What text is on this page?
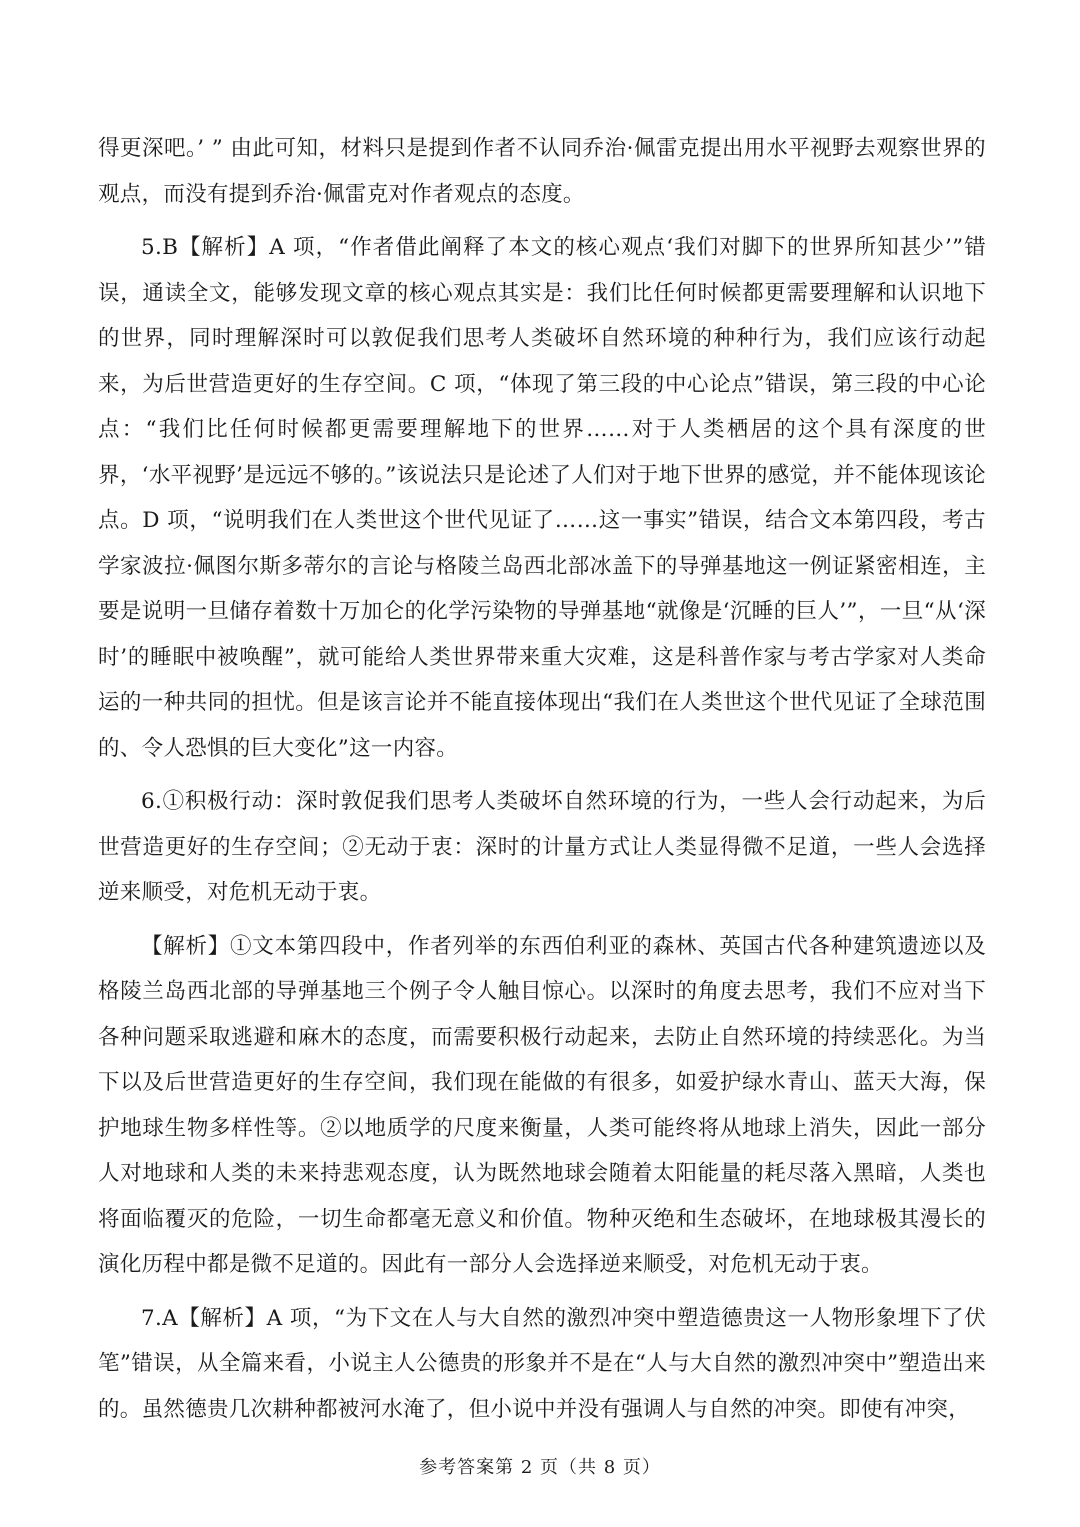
得更深吧。’ ” 由此可知，材料只是提到作者不认同乔治·佩雷克提出用水平视野去观察世界的观点，而没有提到乔治·佩雷克对作者观点的态度。

5.B【解析】A 项，“作者借此阐释了本文的核心观点‘我们对脚下的世界所知甚少’”错误，通读全文，能够发现文章的核心观点其实是：我们比任何时候都更需要理解和认识地下的世界，同时理解深时可以敦促我们思考人类破坏自然环境的种种行为，我们应该行动起来，为后世营造更好的生存空间。C 项，“体现了第三段的中心论点”错误，第三段的中心论点：“我们比任何时候都更需要理解地下的世界……对于人类栖居的这个具有深度的世界，‘水平视野’是远远不够的。”该说法只是论述了人们对于地下世界的感觉，并不能体现该论点。D 项，“说明我们在人类世这个世代见证了……这一事实”错误，结合文本第四段，考古学家波拉·佩图尔斯多蒂尔的言论与格陵兰岛西北部冰盖下的导弹基地这一例证紧密相连，主要是说明一旦储存着数十万加仑的化学污染物的导弹基地“就像是‘沉睡的巨人’”，一旦“从‘深时’的睡眠中被唤醒”，就可能给人类世界带来重大灾难，这是科普作家与考古学家对人类命运的一种共同的担忧。但是该言论并不能直接体现出“我们在人类世这个世代见证了全球范围的、令人恐惧的巨大变化”这一内容。

6.①积极行动：深时敦促我们思考人类破坏自然环境的行为，一些人会行动起来，为后世营造更好的生存空间；②无动于衷：深时的计量方式让人类显得微不足道，一些人会选择逆来顺受，对危机无动于衷。

【解析】①文本第四段中，作者列举的东西伯利亚的森林、英国古代各种建筑遗迹以及格陵兰岛西北部的导弹基地三个例子令人触目惊心。以深时的角度去思考，我们不应对当下各种问题采取逃避和麻木的态度，而需要积极行动起来，去防止自然环境的持续恶化。为当下以及后世营造更好的生存空间，我们现在能做的有很多，如爱护绿水青山、蓝天大海，保护地球生物多样性等。②以地质学的尺度来衡量，人类可能终将从地球上消失，因此一部分人对地球和人类的未来持悲观态度，认为既然地球会随着太阳能量的耗尽落入黑暗，人类也将面临覆灭的危险，一切生命都毫无意义和价值。物种灭绝和生态破坏，在地球极其漫长的演化历程中都是微不足道的。因此有一部分人会选择逆来顺受，对危机无动于衷。

7.A【解析】A 项，“为下文在人与大自然的激烈冲突中塑造德贵这一人物形象埋下了伏笔”错误，从全篇来看，小说主人公德贵的形象并不是在“人与大自然的激烈冲突中”塑造出来的。虽然德贵几次耕种都被河水淹了，但小说中并没有强调人与自然的冲突。即使有冲突，

参考答案第 2 页（共 8 页）
